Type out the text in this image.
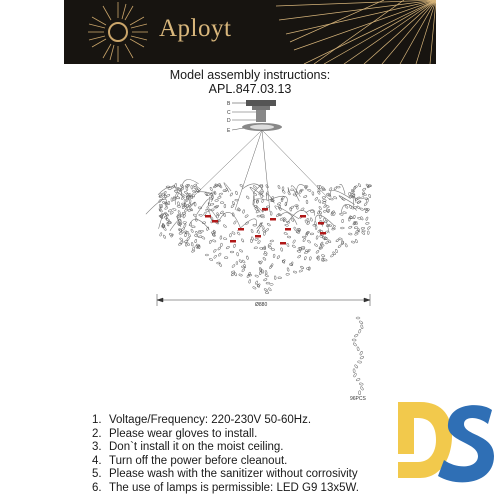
Aployt
Model assembly instructions:
APL.847.03.13
B
C
D
E
Ø880
96PCS
1. Voltage/Frequency: 220-230V 50-60Hz.
2. Please wear gloves to install.
3. Don`t install it on the moist ceiling.
4. Turn off the power before cleanout.
5. Please wash with the sanitizer without corrosivity
6. The use of lamps is permissible: LED G9 13x5W.
